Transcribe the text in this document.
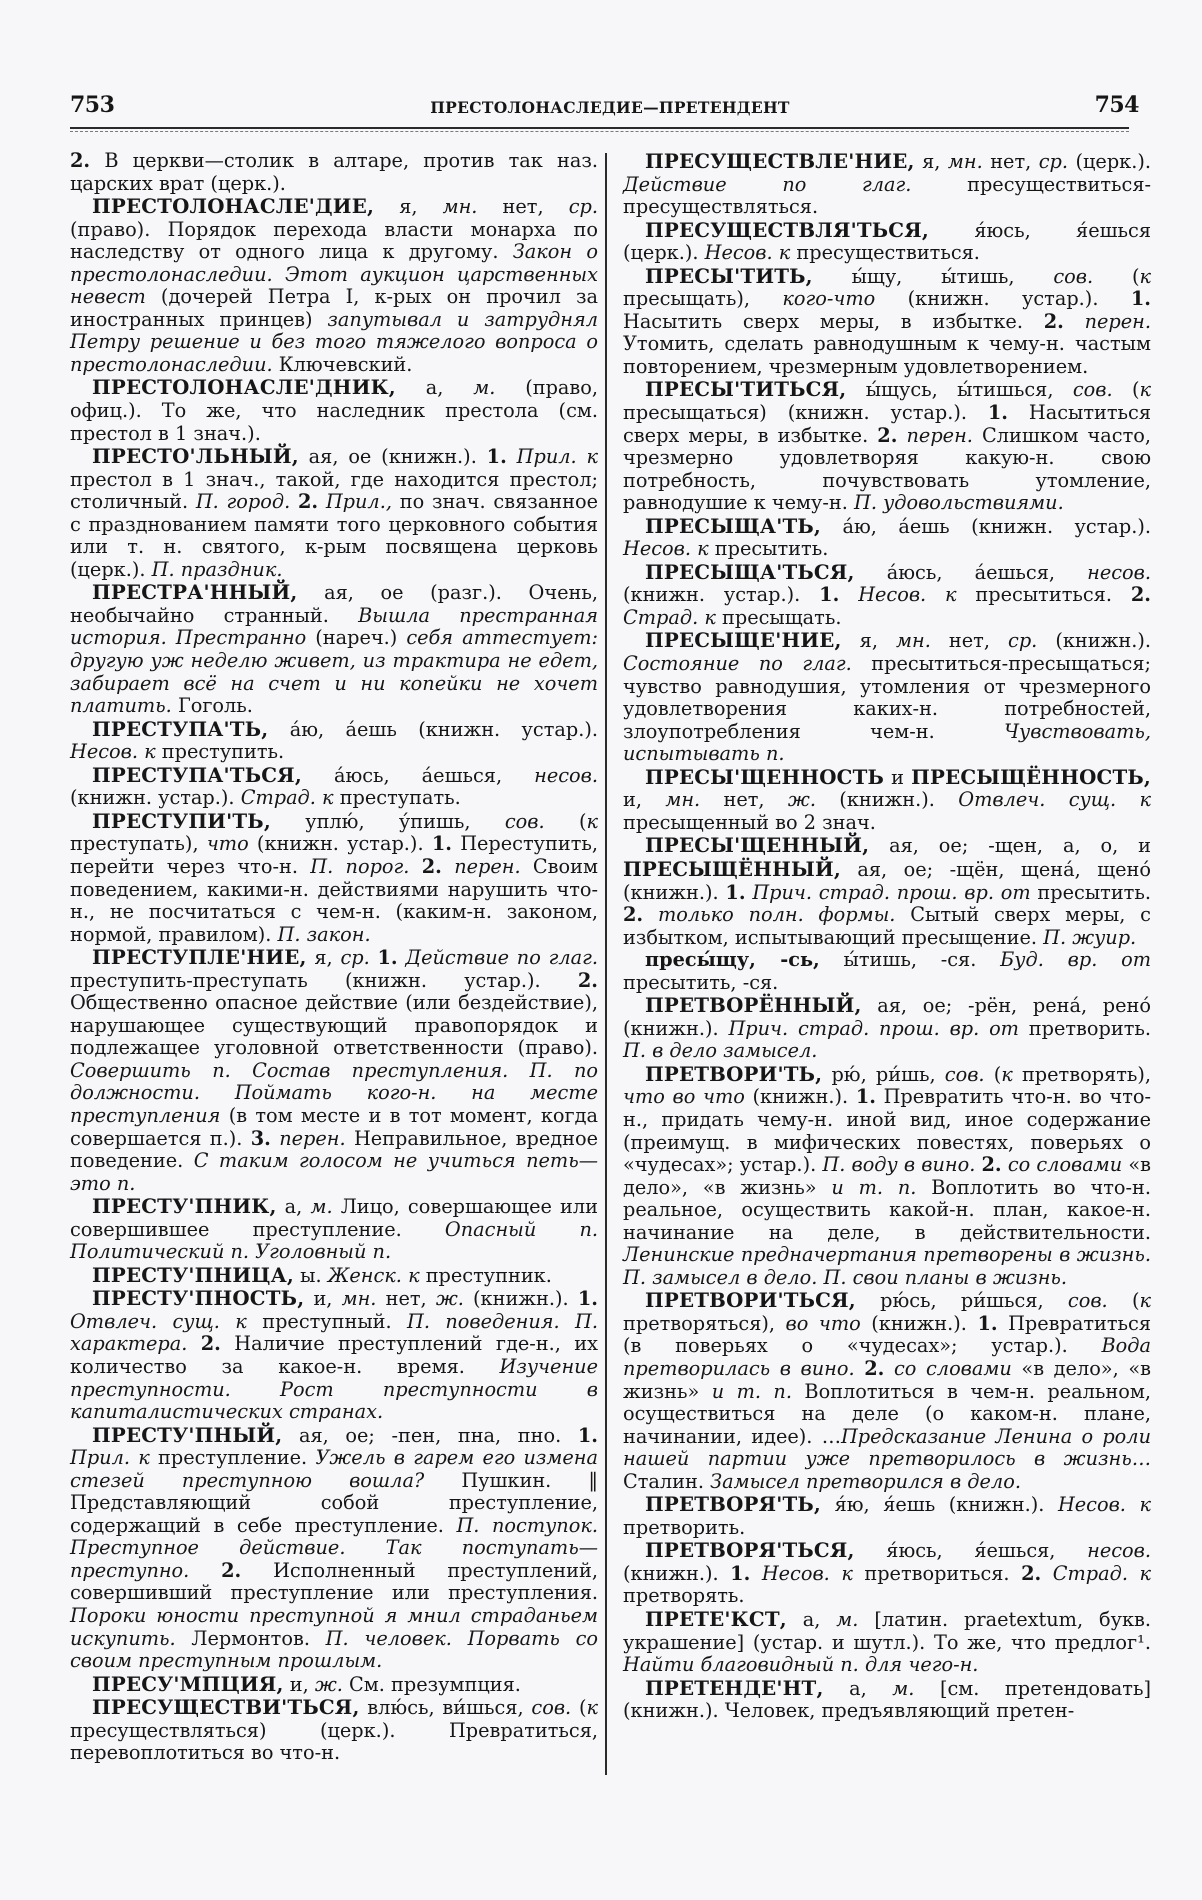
753	ПРЕСТОЛОНАСЛЕДИЕ—ПРЕТЕНДЕНТ	754

2. В церкви—столик в алтаре, против так наз. царских врат (церк.).

ПРЕСТОЛОНАСЛЕ'ДИЕ, я, мн. нет, ср. (право). Порядок перехода власти монарха по наследству от одного лица к другому. Закон о престолонаследии. Этот аукцион царственных невест (дочерей Петра I, к-рых он прочил за иностранных принцев) запутывал и затруднял Петру решение и без того тяжелого вопроса о престолонаследии. Ключевский.

ПРЕСТОЛОНАСЛЕ'ДНИК, а, м. (право, офиц.). То же, что наследник престола (см. престол в 1 знач.).

ПРЕСТО'ЛЬНЫЙ, ая, ое (книжн.). 1. Прил. к престол в 1 знач., такой, где находится престол; столичный. П. город. 2. Прил., по знач. связанное с празднованием памяти того церковного события или т. н. святого, к-рым посвящена церковь (церк.). П. праздник.

ПРЕСТРА'ННЫЙ, ая, ое (разг.). Очень, необычайно странный. Вышла престранная история. Престранно (нареч.) себя аттестует: другую уж неделю живет, из трактира не едет, забирает всё на счет и ни копейки не хочет платить. Гоголь.

ПРЕСТУПА'ТЬ, а́ю, а́ешь (книжн. устар.). Несов. к преступить.

ПРЕСТУПА'ТЬСЯ, а́юсь, а́ешься, несов. (книжн. устар.). Страд. к преступать.

ПРЕСТУПИ'ТЬ, уплю́, у́пишь, сов. (к преступать), что (книжн. устар.). 1. Переступить, перейти через что-н. П. порог. 2. перен. Своим поведением, какими-н. действиями нарушить что-н., не посчитаться с чем-н. (каким-н. законом, нормой, правилом). П. закон.

ПРЕСТУПЛЕ'НИЕ, я, ср. 1. Действие по глаг. преступить-преступать (книжн. устар.). 2. Общественно опасное действие (или бездействие), нарушающее существующий правопорядок и подлежащее уголовной ответственности (право). Совершить п. Состав преступления. П. по должности. Поймать кого-н. на месте преступления (в том месте и в тот момент, когда совершается п.). 3. перен. Неправильное, вредное поведение. С таким голосом не учиться петь—это п.

ПРЕСТУ'ПНИК, а, м. Лицо, совершающее или совершившее преступление. Опасный п. Политический п. Уголовный п.

ПРЕСТУ'ПНИЦА, ы. Женск. к преступник.

ПРЕСТУ'ПНОСТЬ, и, мн. нет, ж. (книжн.). 1. Отвлеч. сущ. к преступный. П. поведения. П. характера. 2. Наличие преступлений где-н., их количество за какое-н. время. Изучение преступности. Рост преступности в капиталистических странах.

ПРЕСТУ'ПНЫЙ, ая, ое; -пен, пна, пно. 1. Прил. к преступление. Ужель в гарем его измена стезей преступною вошла? Пушкин. ‖ Представляющий собой преступление, содержащий в себе преступление. П. поступок. Преступное действие. Так поступать—преступно. 2. Исполненный преступлений, совершивший преступление или преступления. Пороки юности преступной я мнил страданьем искупить. Лермонтов. П. человек. Порвать со своим преступным прошлым.

ПРЕСУ'МПЦИЯ, и, ж. См. презумпция.

ПРЕСУЩЕСТВИ'ТЬСЯ, влю́сь, ви́шься, сов. (к пресуществляться) (церк.). Превратиться, перевоплотиться во что-н.

ПРЕСУЩЕСТВЛЕ'НИЕ, я, мн. нет, ср. (церк.). Действие по глаг. пресуществиться-пресуществляться.

ПРЕСУЩЕСТВЛЯ'ТЬСЯ, я́юсь, я́ешься (церк.). Несов. к пресуществиться.

ПРЕСЫ'ТИТЬ, ы́щу, ы́тишь, сов. (к пресыщать), кого-что (книжн. устар.). 1. Насытить сверх меры, в избытке. 2. перен. Утомить, сделать равнодушным к чему-н. частым повторением, чрезмерным удовлетворением.

ПРЕСЫ'ТИТЬСЯ, ы́щусь, ы́тишься, сов. (к пресыщаться) (книжн. устар.). 1. Насытиться сверх меры, в избытке. 2. перен. Слишком часто, чрезмерно удовлетворяя какую-н. свою потребность, почувствовать утомление, равнодушие к чему-н. П. удовольствиями.

ПРЕСЫЩА'ТЬ, а́ю, а́ешь (книжн. устар.). Несов. к пресытить.

ПРЕСЫЩА'ТЬСЯ, а́юсь, а́ешься, несов. (книжн. устар.). 1. Несов. к пресытиться. 2. Страд. к пресыщать.

ПРЕСЫЩЕ'НИЕ, я, мн. нет, ср. (книжн.). Состояние по глаг. пресытиться-пресыщаться; чувство равнодушия, утомления от чрезмерного удовлетворения каких-н. потребностей, злоупотребления чем-н. Чувствовать, испытывать п.

ПРЕСЫ'ЩЕННОСТЬ и ПРЕСЫЩЁННОСТЬ, и, мн. нет, ж. (книжн.). Отвлеч. сущ. к пресыщенный во 2 знач.

ПРЕСЫ'ЩЕННЫЙ, ая, ое; -щен, а, о, и ПРЕСЫЩЁННЫЙ, ая, ое; -щён, щена́, щено́ (книжн.). 1. Прич. страд. прош. вр. от пресытить. 2. только полн. формы. Сытый сверх меры, с избытком, испытывающий пресыщение. П. жуир.

пресы́щу, -сь, ы́тишь, -ся. Буд. вр. от пресытить, -ся.

ПРЕТВОРЁННЫЙ, ая, ое; -рён, рена́, рено́ (книжн.). Прич. страд. прош. вр. от претворить. П. в дело замысел.

ПРЕТВОРИ'ТЬ, рю́, ри́шь, сов. (к претворять), что во что (книжн.). 1. Превратить что-н. во что-н., придать чему-н. иной вид, иное содержание (преимущ. в мифических повестях, поверьях о «чудесах»; устар.). П. воду в вино. 2. со словами «в дело», «в жизнь» и т. п. Воплотить во что-н. реальное, осуществить какой-н. план, какое-н. начинание на деле, в действительности. Ленинские предначертания претворены в жизнь. П. замысел в дело. П. свои планы в жизнь.

ПРЕТВОРИ'ТЬСЯ, рю́сь, ри́шься, сов. (к претворяться), во что (книжн.). 1. Превратиться (в поверьях о «чудесах»; устар.). Вода претворилась в вино. 2. со словами «в дело», «в жизнь» и т. п. Воплотиться в чем-н. реальном, осуществиться на деле (о каком-н. плане, начинании, идее). …Предсказание Ленина о роли нашей партии уже претворилось в жизнь… Сталин. Замысел претворился в дело.

ПРЕТВОРЯ'ТЬ, я́ю, я́ешь (книжн.). Несов. к претворить.

ПРЕТВОРЯ'ТЬСЯ, я́юсь, я́ешься, несов. (книжн.). 1. Несов. к претвориться. 2. Страд. к претворять.

ПРЕТЕ'КСТ, а, м. [латин. praetextum, букв. украшение] (устар. и шутл.). То же, что предлог¹. Найти благовидный п. для чего-н.

ПРЕТЕНДЕ'НТ, а, м. [см. претендовать] (книжн.). Человек, предъявляющий претен-
